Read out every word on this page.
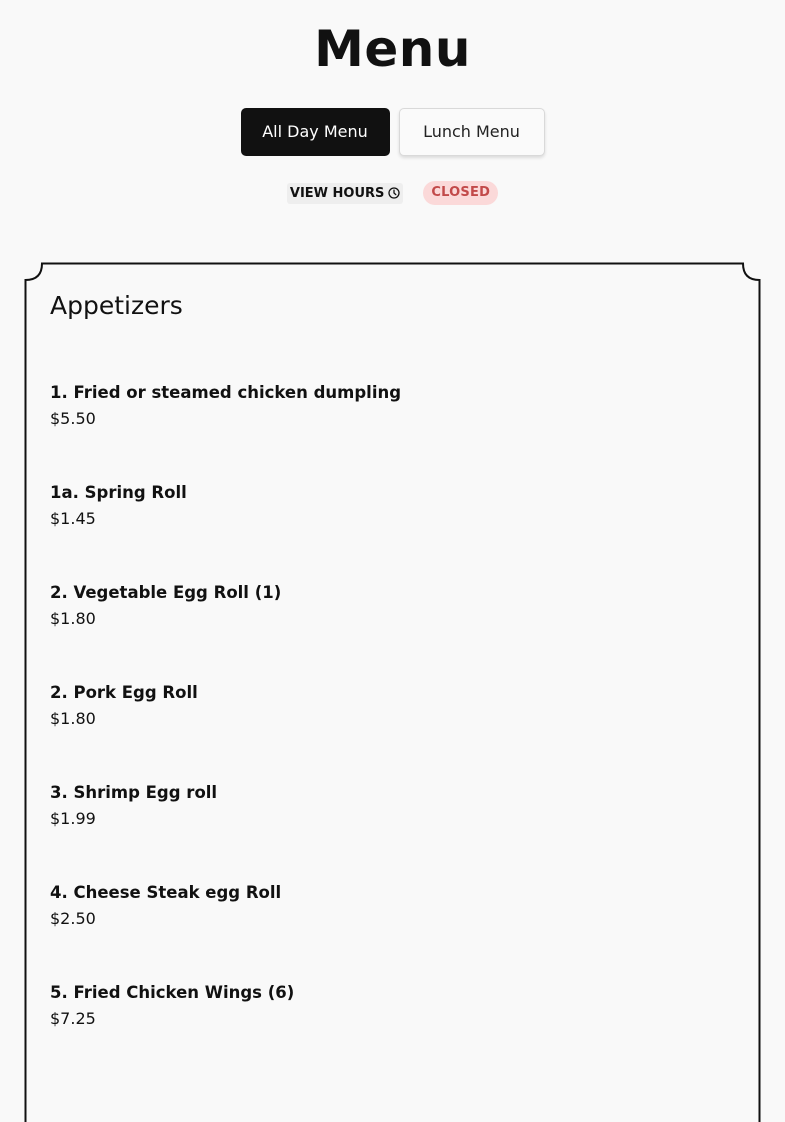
Menu
All Day Menu	Lunch Menu
VIEW HOURS	CLOSED
Appetizers
1. Fried or steamed chicken dumpling
$5.50
1a. Spring Roll
$1.45
2. Vegetable Egg Roll (1)
$1.80
2. Pork Egg Roll
$1.80
3. Shrimp Egg roll
$1.99
4. Cheese Steak egg Roll
$2.50
5. Fried Chicken Wings (6)
$7.25
